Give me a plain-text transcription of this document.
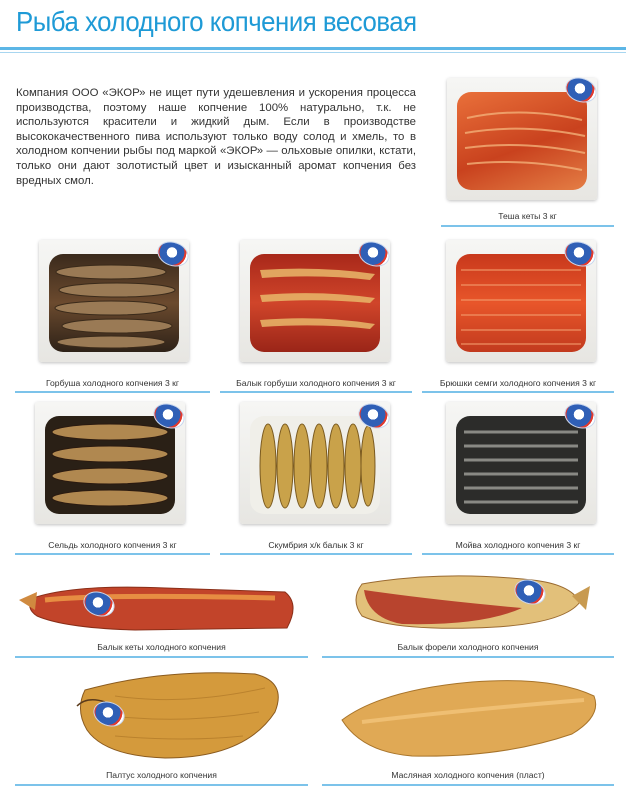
Рыба холодного копчения весовая
Компания ООО «ЭКОР» не ищет пути удешевления и ускорения процесса производства, поэтому наше копчение 100% натурально, т.к. не используются красители и жидкий дым. Если в производстве высококачественного пива используют только воду солод и хмель, то в холодном копчении рыбы под маркой «ЭКОР» — ольховые опилки, кстати, только они дают золотистый цвет и изысканный аромат копчения без вредных смол.
Теша кеты 3 кг
Горбуша холодного копчения 3 кг	Балык горбуши холодного копчения 3 кг	Брюшки семги холодного копчения 3 кг
Сельдь холодного копчения 3 кг	Скумбрия х/к балык 3 кг	Мойва холодного копчения 3 кг
Балык кеты холодного копчения	Балык форели холодного копчения
Палтус холодного копчения	Масляная холодного копчения (пласт)
